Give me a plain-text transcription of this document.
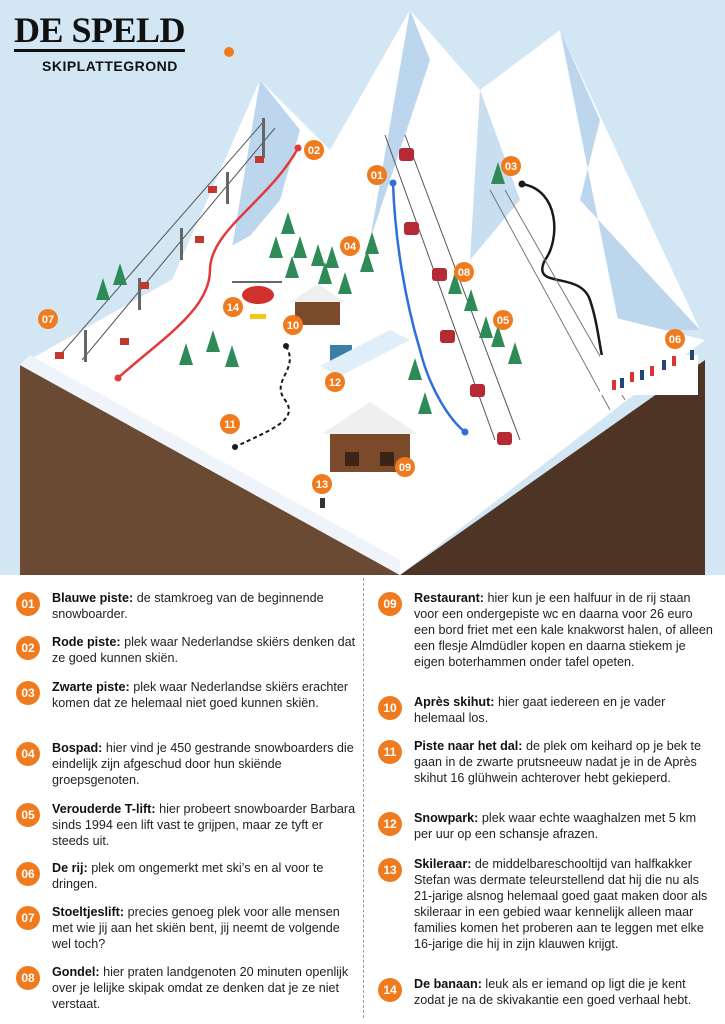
01
02
03
04
05
06
07
08
10
11
12
13
09
14
DE SPELD
SKIPLATTEGROND
01	Blauwe piste: de stamkroeg van de beginnende snowboarder.
02	Rode piste: plek waar Nederlandse skiërs denken dat ze goed kunnen skiën.
03	Zwarte piste: plek waar Nederlandse skiërs erachter komen dat ze helemaal niet goed kunnen skiën.
04	Bospad: hier vind je 450 gestrande snowboarders die eindelijk zijn afgeschud door hun skiënde groepsgenoten.
05	Verouderde T-lift: hier probeert snowboarder Barbara sinds 1994 een lift vast te grijpen, maar ze tyft er steeds uit.
06	De rij: plek om ongemerkt met ski’s en al voor te dringen.
07	Stoeltjeslift: precies genoeg plek voor alle mensen met wie jij aan het skiën bent, jij neemt de volgende wel toch?
08	Gondel: hier praten landgenoten 20 minuten openlijk over je lelijke skipak omdat ze denken dat je ze niet verstaat.
09	Restaurant: hier kun je een halfuur in de rij staan voor een ondergepiste wc en daarna voor 26 euro een bord friet met een kale knakworst halen, of alleen een flesje Almdüdler kopen en daarna stiekem je eigen boterhammen onder tafel opeten.
10	Après skihut: hier gaat iedereen en je vader helemaal los.
11	Piste naar het dal: de plek om keihard op je bek te gaan in de zwarte prutsneeuw nadat je in de Après skihut 16 glühwein achterover hebt gekieperd.
12	Snowpark: plek waar echte waaghalzen met 5 km per uur op een schansje afrazen.
13	Skileraar: de middelbareschooltijd van halfkakker Stefan was dermate teleurstellend dat hij die nu als 21-jarige alsnog helemaal goed gaat maken door als skileraar in een gebied waar kennelijk alleen maar families komen het proberen aan te leggen met elke 16-jarige die hij in zijn klauwen krijgt.
14	De banaan: leuk als er iemand op ligt die je kent zodat je na de skivakantie een goed verhaal hebt.
